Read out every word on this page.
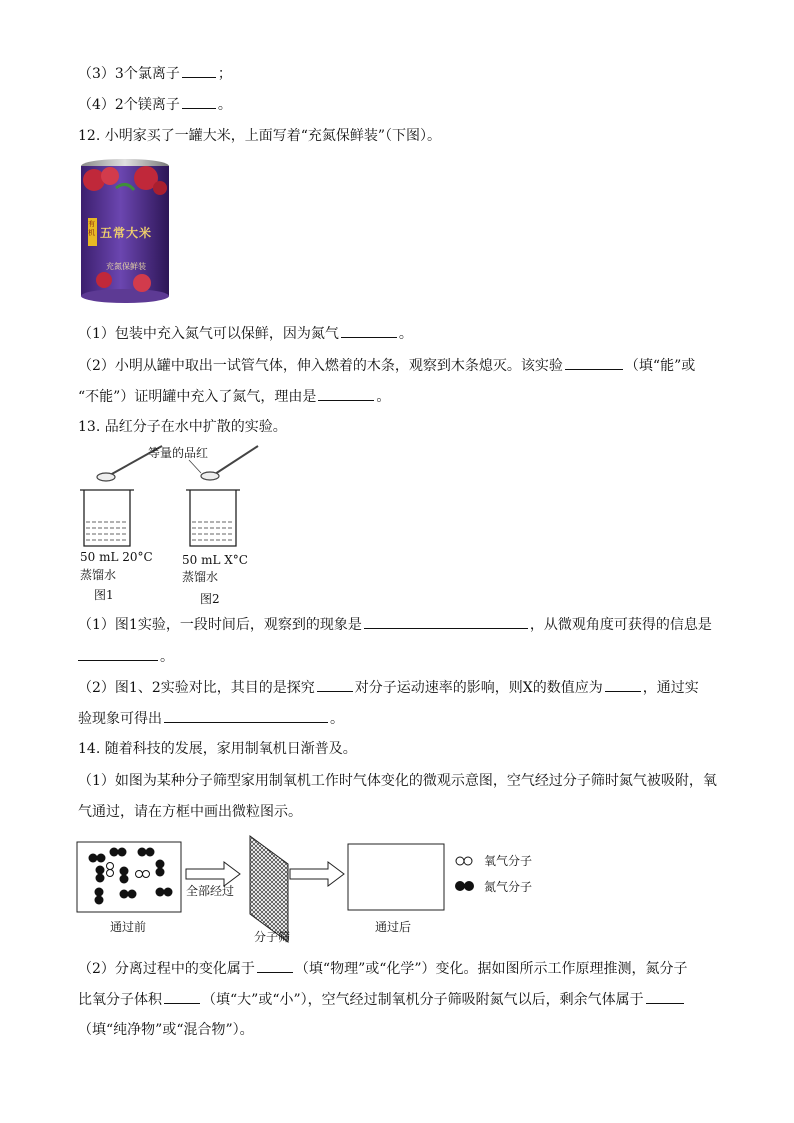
（3）3个氯离子	；
（4）2个镁离子	。
12. 小明家买了一罐大米，上面写着“充氮保鲜装”（下图）。
有机 五常大米
充氮保鲜装
（1）包装中充入氮气可以保鲜，因为氮气	。
（2）小明从罐中取出一试管气体，伸入燃着的木条，观察到木条熄灭。该实验	（填“能”或
“不能”）证明罐中充入了氮气，理由是	。
13. 品红分子在水中扩散的实验。
等量的品红
50 mL 20°C
蒸馏水
图1
50 mL X°C
蒸馏水
图2
（1）图1实验，一段时间后，观察到的现象是	，从微观角度可获得的信息是
。
（2）图1、2实验对比，其目的是探究	对分子运动速率的影响，则X的数值应为	，通过实
验现象可得出	。
14. 随着科技的发展，家用制氧机日渐普及。
（1）如图为某种分子筛型家用制氧机工作时气体变化的微观示意图，空气经过分子筛时氮气被吸附，氧
气通过，请在方框中画出微粒图示。
全部经过
通过前
分子筛
通过后
氧气分子
氮气分子
（2）分离过程中的变化属于	（填“物理”或“化学”）变化。据如图所示工作原理推测，氮分子
比氧分子体积	（填“大”或“小”），空气经过制氧机分子筛吸附氮气以后，剩余气体属于
（填“纯净物”或“混合物”）。
